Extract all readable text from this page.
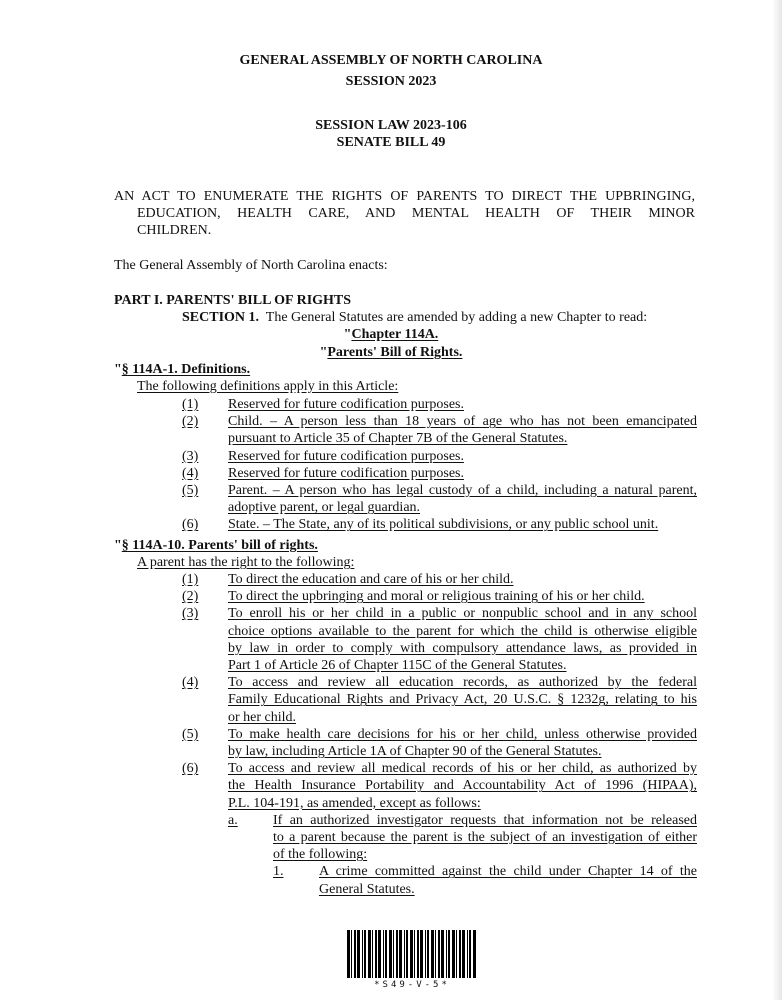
GENERAL ASSEMBLY OF NORTH CAROLINA
SESSION 2023
SESSION LAW 2023-106
SENATE BILL 49
AN ACT TO ENUMERATE THE RIGHTS OF PARENTS TO DIRECT THE UPBRINGING,
EDUCATION, HEALTH CARE, AND MENTAL HEALTH OF THEIR MINOR
CHILDREN.
The General Assembly of North Carolina enacts:
PART I. PARENTS' BILL OF RIGHTS
SECTION 1. The General Statutes are amended by adding a new Chapter to read:
"Chapter 114A.
"Parents' Bill of Rights.
"§ 114A-1. Definitions.
The following definitions apply in this Article:
(1) Reserved for future codification purposes.
(2) Child. – A person less than 18 years of age who has not been emancipated
pursuant to Article 35 of Chapter 7B of the General Statutes.
(3) Reserved for future codification purposes.
(4) Reserved for future codification purposes.
(5) Parent. – A person who has legal custody of a child, including a natural parent,
adoptive parent, or legal guardian.
(6) State. – The State, any of its political subdivisions, or any public school unit.
"§ 114A-10. Parents' bill of rights.
A parent has the right to the following:
(1) To direct the education and care of his or her child.
(2) To direct the upbringing and moral or religious training of his or her child.
(3) To enroll his or her child in a public or nonpublic school and in any school
choice options available to the parent for which the child is otherwise eligible
by law in order to comply with compulsory attendance laws, as provided in
Part 1 of Article 26 of Chapter 115C of the General Statutes.
(4) To access and review all education records, as authorized by the federal
Family Educational Rights and Privacy Act, 20 U.S.C. § 1232g, relating to his
or her child.
(5) To make health care decisions for his or her child, unless otherwise provided
by law, including Article 1A of Chapter 90 of the General Statutes.
(6) To access and review all medical records of his or her child, as authorized by
the Health Insurance Portability and Accountability Act of 1996 (HIPAA),
P.L. 104-191, as amended, except as follows:
a.	If an authorized investigator requests that information not be released
to a parent because the parent is the subject of an investigation of either
of the following:
1.	A crime committed against the child under Chapter 14 of the
General Statutes.
*S49-V-5*
